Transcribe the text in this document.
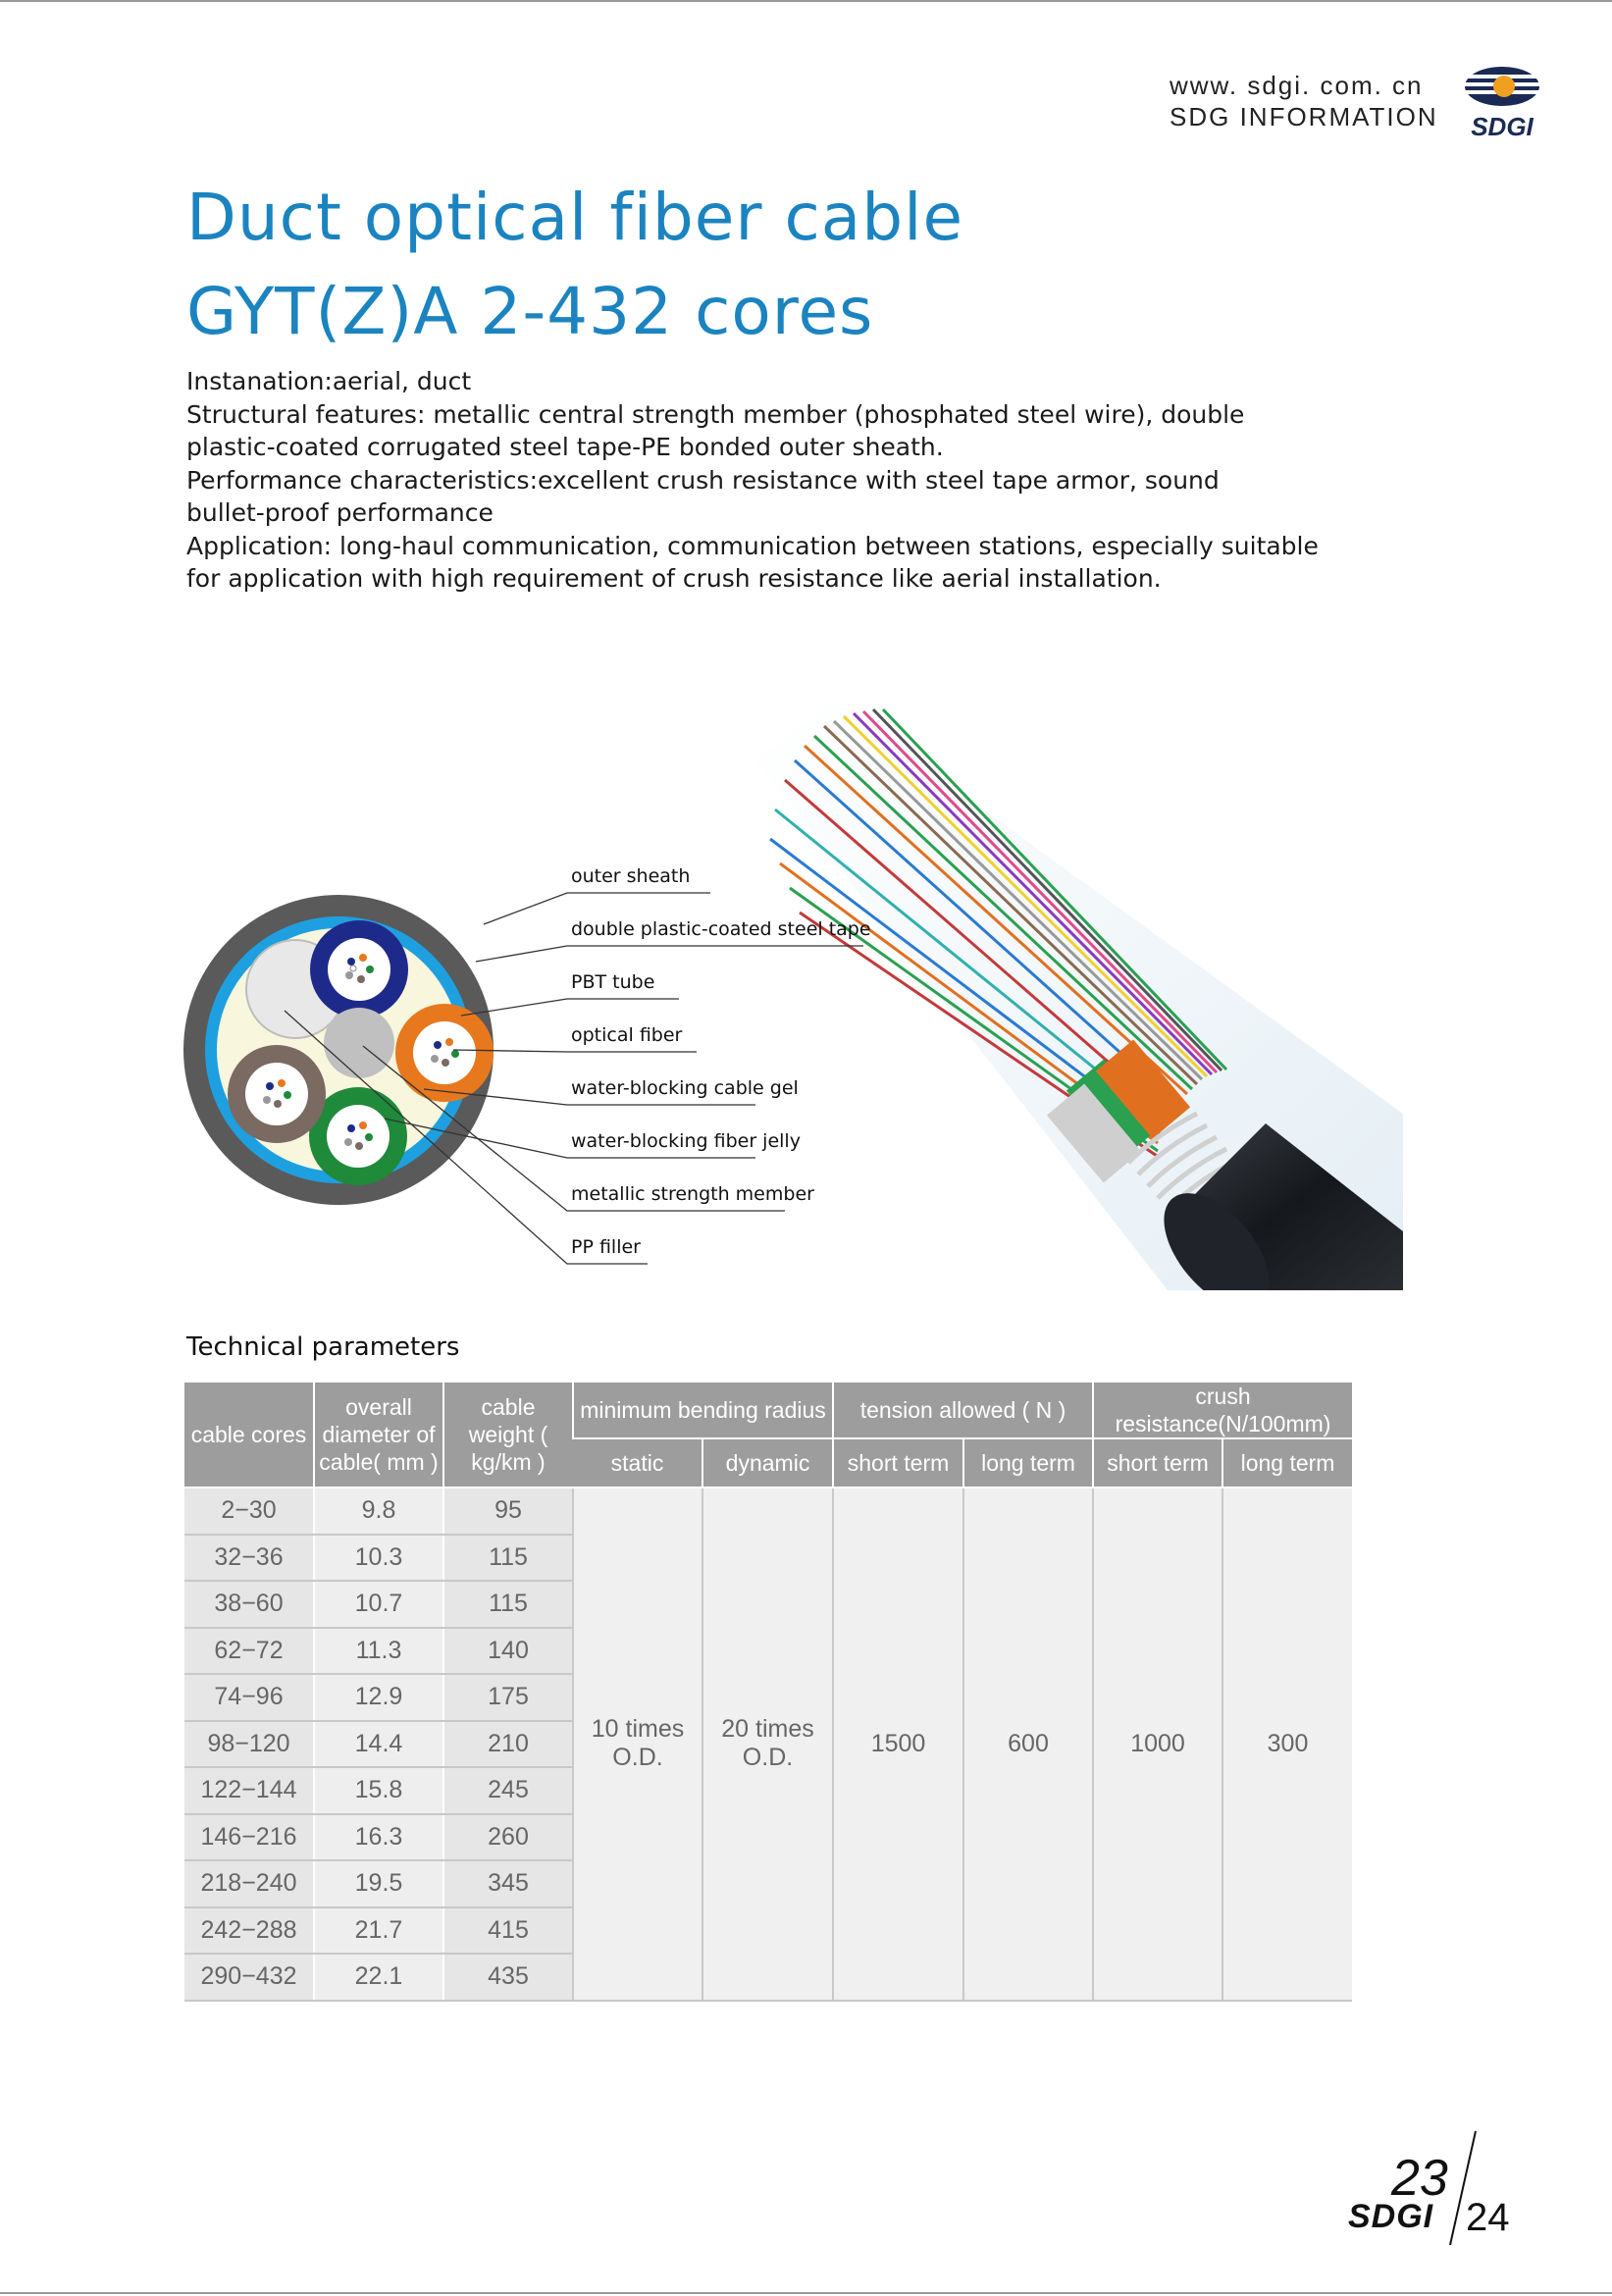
www. sdgi. com. cn
SDG INFORMATION SDGI
Duct optical fiber cable
GYT(Z)A 2-432 cores
Instanation:aerial, duct
Structural features: metallic central strength member (phosphated steel wire), double
plastic-coated corrugated steel tape-PE bonded outer sheath.
Performance characteristics:excellent crush resistance with steel tape armor, sound
bullet-proof performance
Application: long-haul communication, communication between stations, especially suitable
for application with high requirement of crush resistance like aerial installation.
outer sheath
double plastic-coated steel tape
PBT tube
optical fiber
water-blocking cable gel
water-blocking fiber jelly
metallic strength member
PP filler
Technical parameters
cable cores	overall diameter of cable( mm )	cable weight ( kg/km )	minimum bending radius		tension allowed ( N )		crush resistance(N/100mm)	
			static	dynamic	short term	long term	short term	long term
2−30	9.8	95	10 times O.D.	20 times O.D.	1500	600	1000	300
32−36	10.3	115						
38−60	10.7	115						
62−72	11.3	140						
74−96	12.9	175						
98−120	14.4	210						
122−144	15.8	245						
146−216	16.3	260						
218−240	19.5	345						
242−288	21.7	415						
290−432	22.1	435						
23
24
SDGI
